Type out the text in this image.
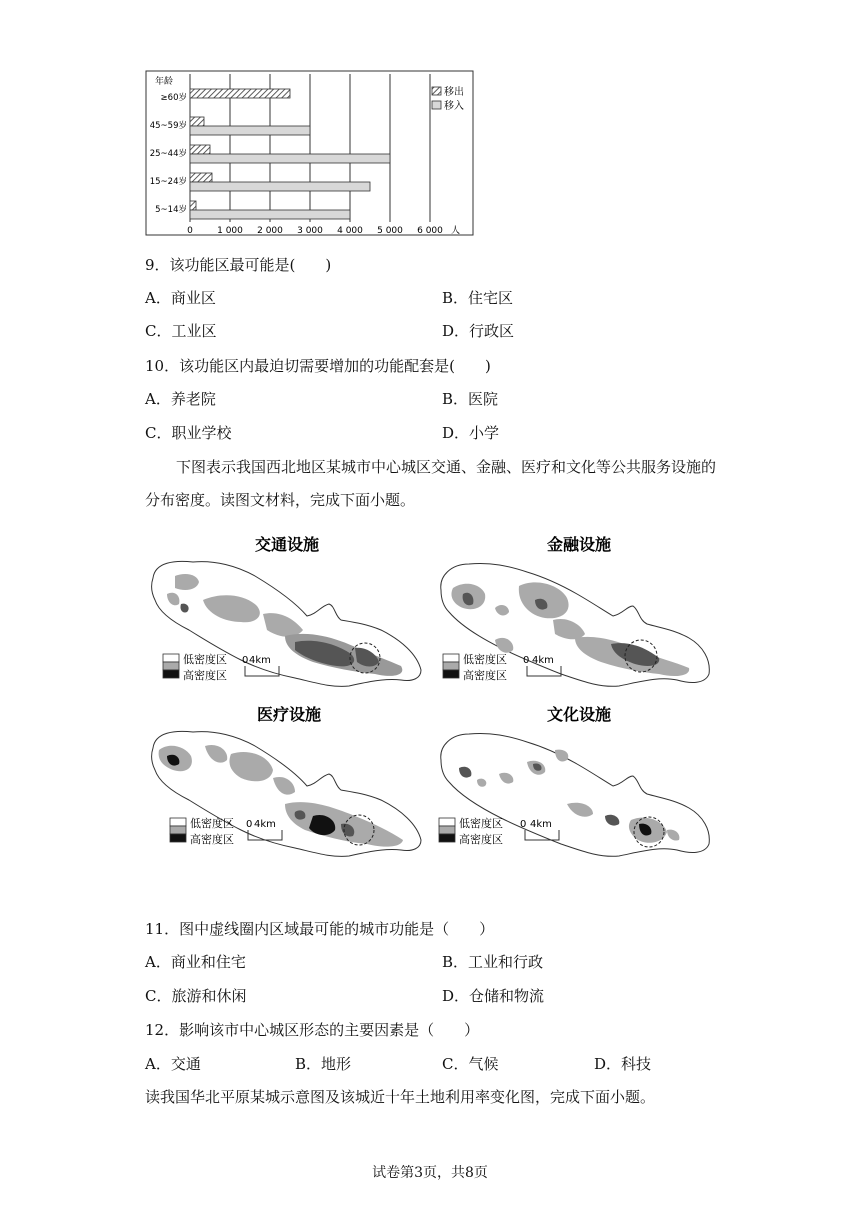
0	1 000 2 000 3 000 4 000 5 000 6 000
≥60岁
45~59岁
25~44岁
15~24岁
5~14岁
年龄
移出
移入
人
9．该功能区最可能是(　　)
A．商业区	B．住宅区
C．工业区	D．行政区
10．该功能区内最迫切需要增加的功能配套是(　　)
A．养老院	B．医院
C．职业学校	D．小学
下图表示我国西北地区某城市中心城区交通、金融、医疗和文化等公共服务设施的
分布密度。读图文材料，完成下面小题。
交通设施	金融设施
医疗设施	文化设施
低密度区
高密度区
0 4km	低密度区
高密度区
0 4km
低密度区
高密度区
0 4km	低密度区
高密度区
0 4km
11．图中虚线圈内区域最可能的城市功能是（　　）
A．商业和住宅	B．工业和行政
C．旅游和休闲	D．仓储和物流
12．影响该市中心城区形态的主要因素是（　　）
A．交通	B．地形	C．气候	D．科技
读我国华北平原某城示意图及该城近十年土地利用率变化图，完成下面小题。
试卷第3页，共8页
